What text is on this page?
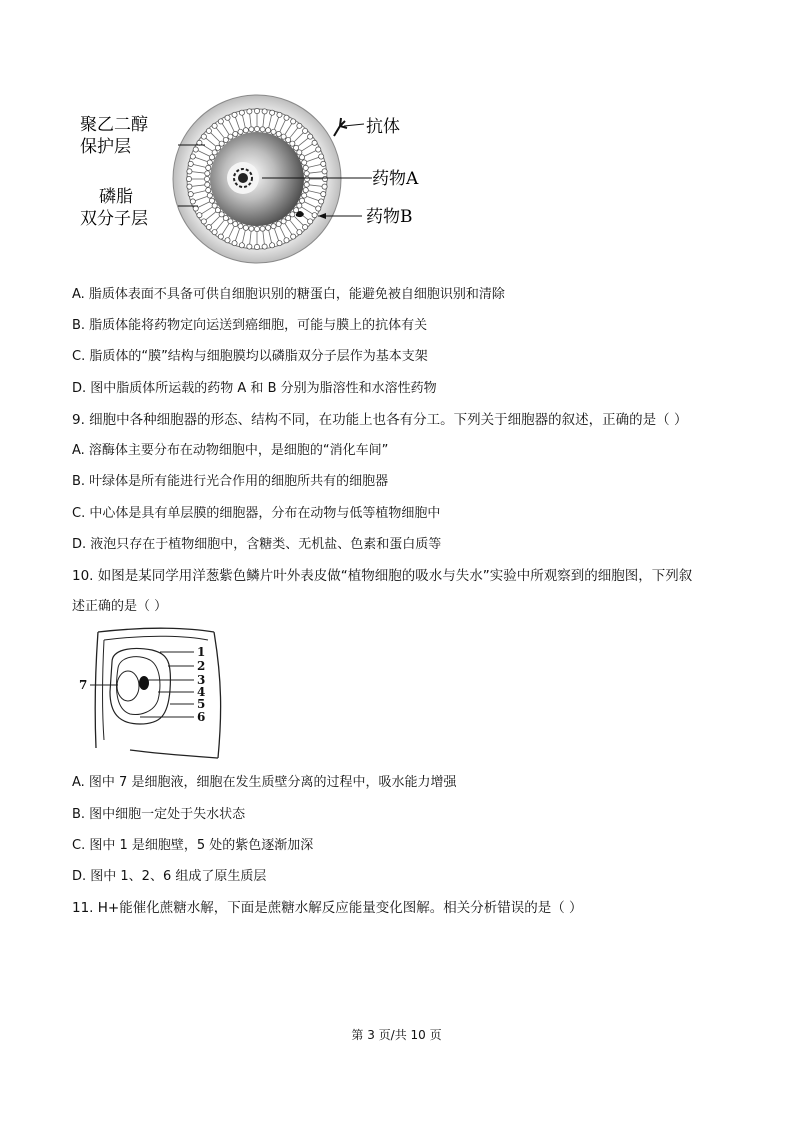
聚乙二醇
保护层
磷脂
双分子层
抗体
药物A
药物B
A. 脂质体表面不具备可供自细胞识别的糖蛋白，能避免被自细胞识别和清除
B. 脂质体能将药物定向运送到癌细胞，可能与膜上的抗体有关
C. 脂质体的“膜”结构与细胞膜均以磷脂双分子层作为基本支架
D. 图中脂质体所运载的药物 A 和 B 分别为脂溶性和水溶性药物
9. 细胞中各种细胞器的形态、结构不同，在功能上也各有分工。下列关于细胞器的叙述，正确的是（ ）
A. 溶酶体主要分布在动物细胞中，是细胞的“消化车间”
B. 叶绿体是所有能进行光合作用的细胞所共有的细胞器
C. 中心体是具有单层膜的细胞器，分布在动物与低等植物细胞中
D. 液泡只存在于植物细胞中，含糖类、无机盐、色素和蛋白质等
10. 如图是某同学用洋葱紫色鳞片叶外表皮做“植物细胞的吸水与失水”实验中所观察到的细胞图，下列叙
述正确的是（ ）
1
2
3
4
5
6
7
A. 图中 7 是细胞液，细胞在发生质壁分离的过程中，吸水能力增强
B. 图中细胞一定处于失水状态
C. 图中 1 是细胞壁，5 处的紫色逐渐加深
D. 图中 1、2、6 组成了原生质层
11. H+能催化蔗糖水解，下面是蔗糖水解反应能量变化图解。相关分析错误的是（ ）
第 3 页/共 10 页
